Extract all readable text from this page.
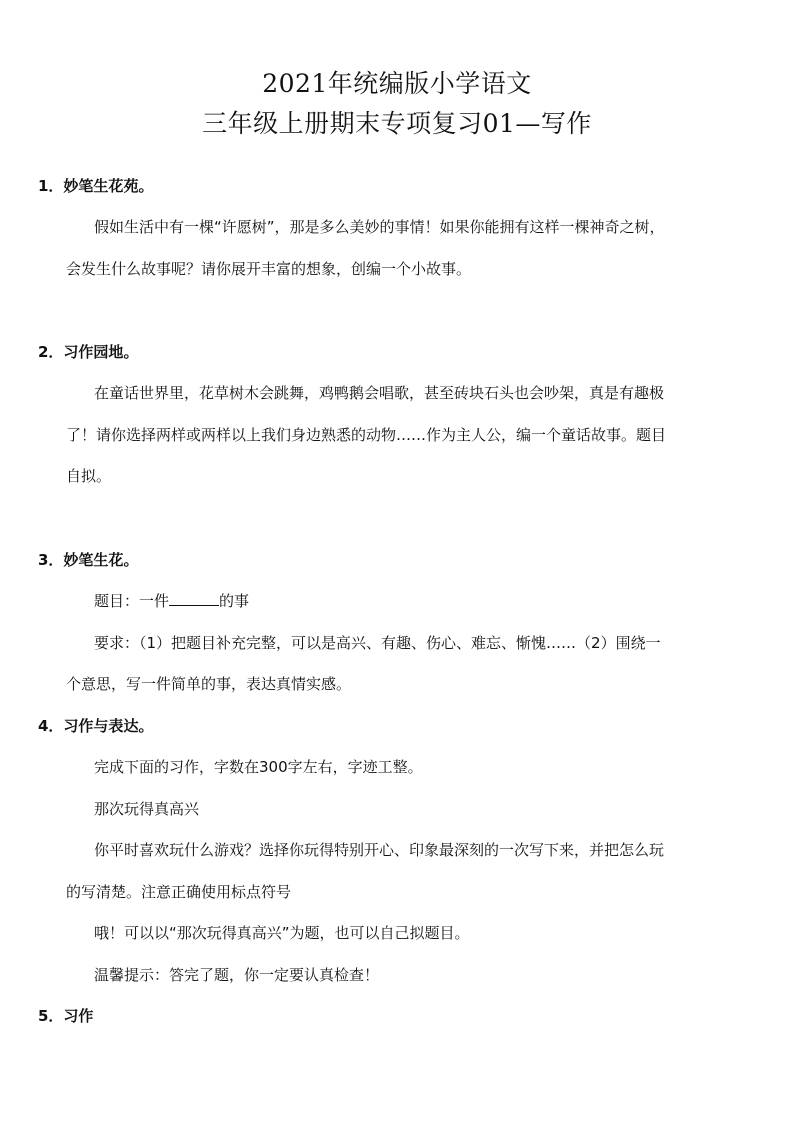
2021年统编版小学语文
三年级上册期末专项复习01—写作
1．妙笔生花苑。
假如生活中有一棵“许愿树”，那是多么美妙的事情！如果你能拥有这样一棵神奇之树，
会发生什么故事呢？请你展开丰富的想象，创编一个小故事。
2．习作园地。
在童话世界里，花草树木会跳舞，鸡鸭鹅会唱歌，甚至砖块石头也会吵架，真是有趣极
了！请你选择两样或两样以上我们身边熟悉的动物……作为主人公，编一个童话故事。题目
自拟。
3．妙笔生花。
题目：一件	的事
要求：（1）把题目补充完整，可以是高兴、有趣、伤心、难忘、惭愧……（2）围绕一
个意思，写一件简单的事，表达真情实感。
4．习作与表达。
完成下面的习作，字数在300字左右，字迹工整。
那次玩得真高兴
你平时喜欢玩什么游戏？选择你玩得特别开心、印象最深刻的一次写下来，并把怎么玩
的写清楚。注意正确使用标点符号
哦！可以以“那次玩得真高兴”为题，也可以自己拟题目。
温馨提示：答完了题，你一定要认真检查！
5．习作
